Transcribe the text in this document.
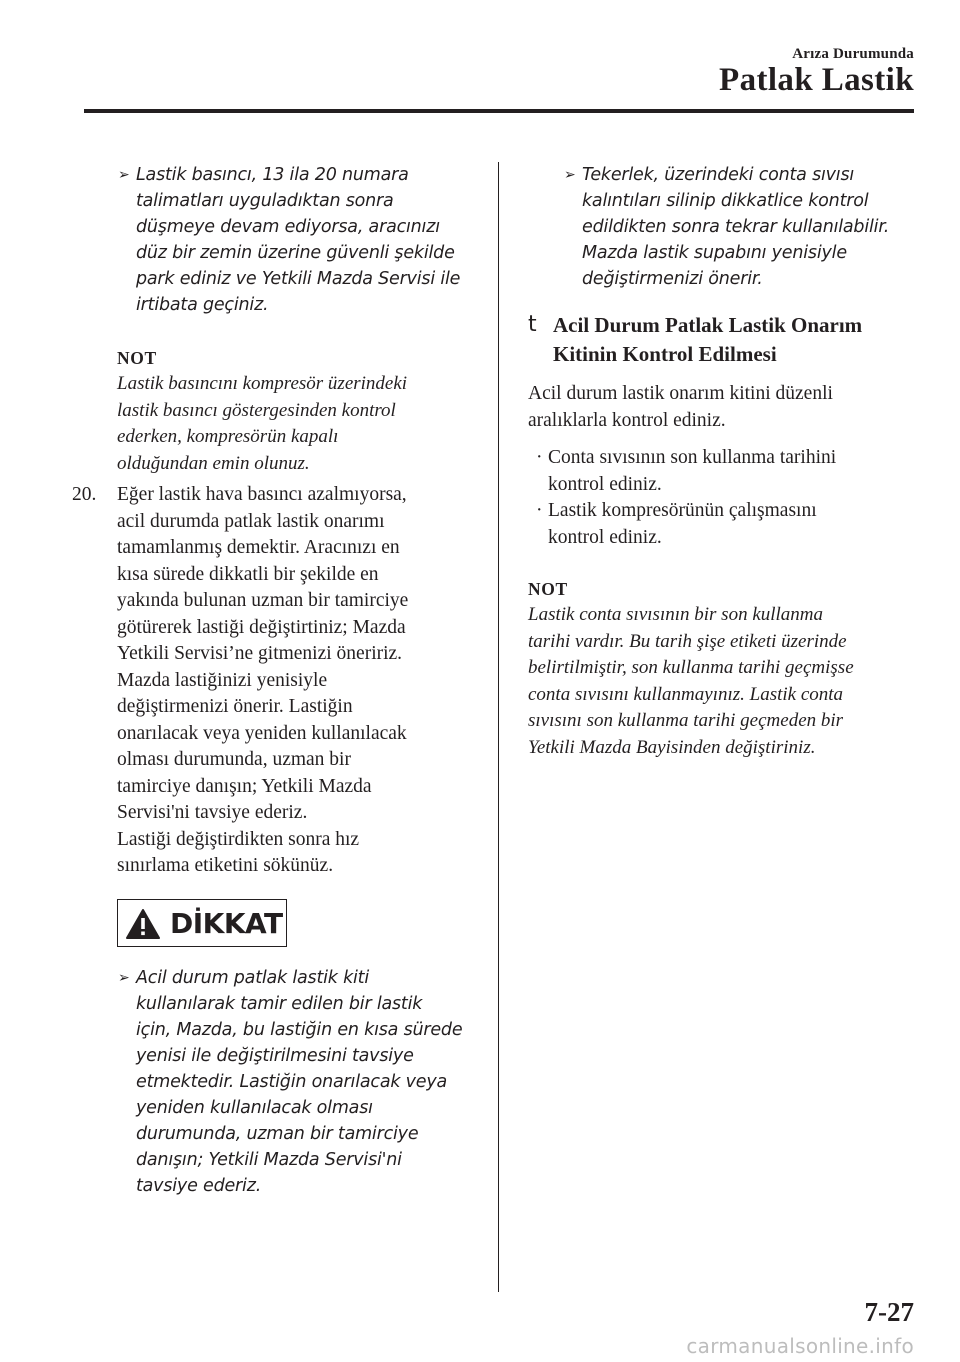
Arıza Durumunda
Patlak Lastik
➢ Lastik basıncı, 13 ila 20 numara
talimatları uyguladıktan sonra
düşmeye devam ediyorsa, aracınızı
düz bir zemin üzerine güvenli şekilde
park ediniz ve Yetkili Mazda Servisi ile
irtibata geçiniz.
NOT
Lastik basıncını kompresör üzerindeki
lastik basıncı göstergesinden kontrol
ederken, kompresörün kapalı
olduğundan emin olunuz.
20. Eğer lastik hava basıncı azalmıyorsa,
acil durumda patlak lastik onarımı
tamamlanmış demektir. Aracınızı en
kısa sürede dikkatli bir şekilde en
yakında bulunan uzman bir tamirciye
götürerek lastiği değiştirtiniz; Mazda
Yetkili Servisi’ne gitmenizi öneririz.
Mazda lastiğinizi yenisiyle
değiştirmenizi önerir. Lastiğin
onarılacak veya yeniden kullanılacak
olması durumunda, uzman bir
tamirciye danışın; Yetkili Mazda
Servisi'ni tavsiye ederiz.
Lastiği değiştirdikten sonra hız
sınırlama etiketini sökünüz.
DİKKAT
➢ Acil durum patlak lastik kiti
kullanılarak tamir edilen bir lastik
için, Mazda, bu lastiğin en kısa sürede
yenisi ile değiştirilmesini tavsiye
etmektedir. Lastiğin onarılacak veya
yeniden kullanılacak olması
durumunda, uzman bir tamirciye
danışın; Yetkili Mazda Servisi'ni
tavsiye ederiz.
➢ Tekerlek, üzerindeki conta sıvısı
kalıntıları silinip dikkatlice kontrol
edildikten sonra tekrar kullanılabilir.
Mazda lastik supabını yenisiyle
değiştirmenizi önerir.
t Acil Durum Patlak Lastik Onarım
Kitinin Kontrol Edilmesi
Acil durum lastik onarım kitini düzenli
aralıklarla kontrol ediniz.
· Conta sıvısının son kullanma tarihini
kontrol ediniz.
· Lastik kompresörünün çalışmasını
kontrol ediniz.
NOT
Lastik conta sıvısının bir son kullanma
tarihi vardır. Bu tarih şişe etiketi üzerinde
belirtilmiştir, son kullanma tarihi geçmişse
conta sıvısını kullanmayınız. Lastik conta
sıvısını son kullanma tarihi geçmeden bir
Yetkili Mazda Bayisinden değiştiriniz.
7-27
carmanualsonline.info
